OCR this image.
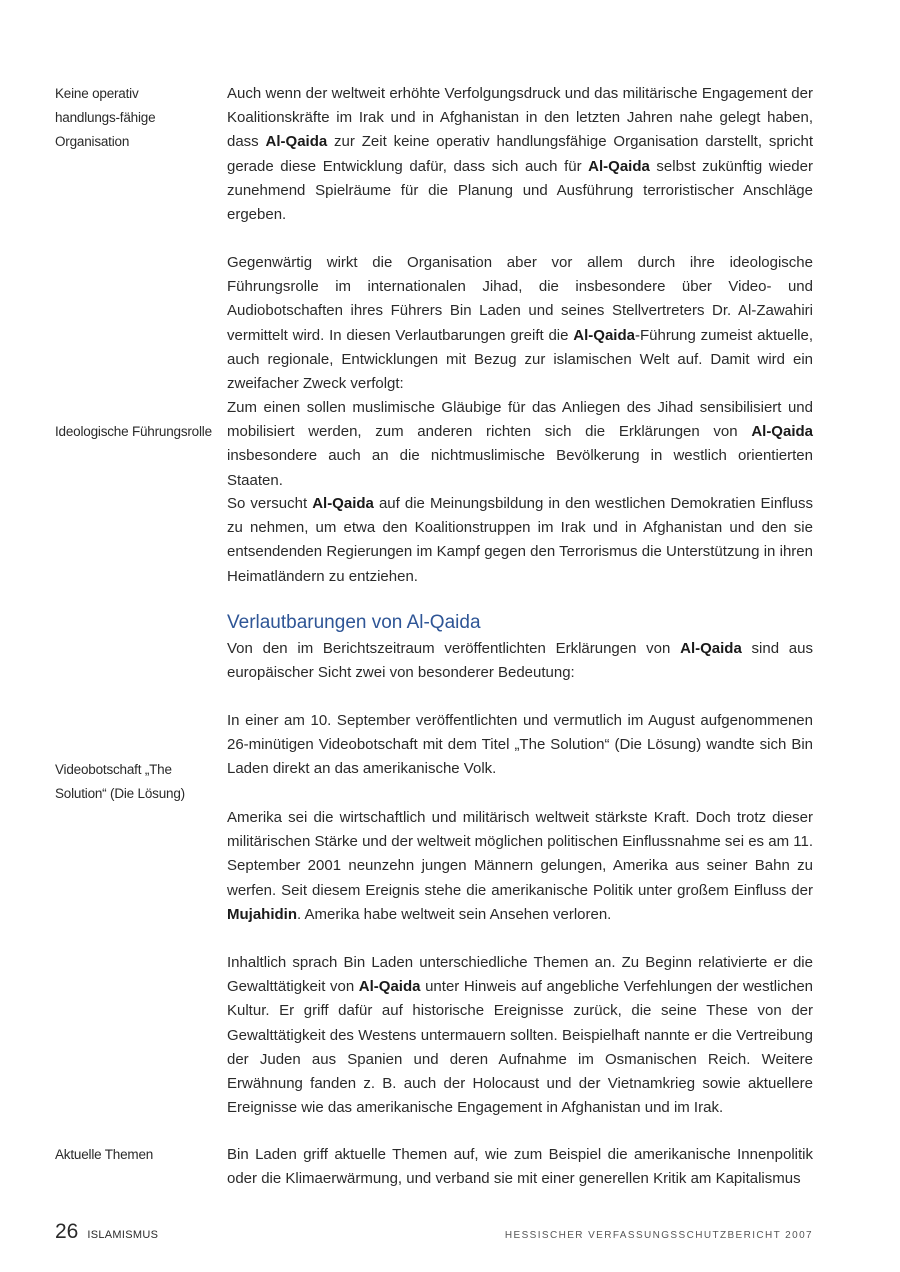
Keine operativ handlungs-fähige Organisation
Ideologische Führungsrolle
Videobotschaft „The Solution“ (Die Lösung)
Aktuelle Themen

Auch wenn der weltweit erhöhte Verfolgungsdruck und das militärische Engagement der Koalitionskräfte im Irak und in Afghanistan in den letzten Jahren nahe gelegt haben, dass Al-Qaida zur Zeit keine operativ handlungsfähige Organisation darstellt, spricht gerade diese Entwicklung dafür, dass sich auch für Al-Qaida selbst zukünftig wieder zunehmend Spielräume für die Planung und Ausführung terroristischer Anschläge ergeben.

Gegenwärtig wirkt die Organisation aber vor allem durch ihre ideologische Führungsrolle im internationalen Jihad, die insbesondere über Video- und Audiobotschaften ihres Führers Bin Laden und seines Stellvertreters Dr. Al-Zawahiri vermittelt wird. In diesen Verlautbarungen greift die Al-Qaida-Führung zumeist aktuelle, auch regionale, Entwicklungen mit Bezug zur islamischen Welt auf. Damit wird ein zweifacher Zweck verfolgt:

Zum einen sollen muslimische Gläubige für das Anliegen des Jihad sensibilisiert und mobilisiert werden, zum anderen richten sich die Erklärungen von Al-Qaida insbesondere auch an die nichtmuslimische Bevölkerung in westlich orientierten Staaten.

So versucht Al-Qaida auf die Meinungsbildung in den westlichen Demokratien Einfluss zu nehmen, um etwa den Koalitionstruppen im Irak und in Afghanistan und den sie entsendenden Regierungen im Kampf gegen den Terrorismus die Unterstützung in ihren Heimatländern zu entziehen.

Verlautbarungen von Al-Qaida

Von den im Berichtszeitraum veröffentlichten Erklärungen von Al-Qaida sind aus europäischer Sicht zwei von besonderer Bedeutung:

In einer am 10. September veröffentlichten und vermutlich im August aufgenommenen 26-minütigen Videobotschaft mit dem Titel „The Solution“ (Die Lösung) wandte sich Bin Laden direkt an das amerikanische Volk.

Amerika sei die wirtschaftlich und militärisch weltweit stärkste Kraft. Doch trotz dieser militärischen Stärke und der weltweit möglichen politischen Einflussnahme sei es am 11. September 2001 neunzehn jungen Männern gelungen, Amerika aus seiner Bahn zu werfen. Seit diesem Ereignis stehe die amerikanische Politik unter großem Einfluss der Mujahidin. Amerika habe weltweit sein Ansehen verloren.

Inhaltlich sprach Bin Laden unterschiedliche Themen an. Zu Beginn relativierte er die Gewalttätigkeit von Al-Qaida unter Hinweis auf angebliche Verfehlungen der westlichen Kultur. Er griff dafür auf historische Ereignisse zurück, die seine These von der Gewalttätigkeit des Westens untermauern sollten. Beispielhaft nannte er die Vertreibung der Juden aus Spanien und deren Aufnahme im Osmanischen Reich. Weitere Erwähnung fanden z. B. auch der Holocaust und der Vietnamkrieg sowie aktuellere Ereignisse wie das amerikanische Engagement in Afghanistan und im Irak.

Bin Laden griff aktuelle Themen auf, wie zum Beispiel die amerikanische Innenpolitik oder die Klimaerwärmung, und verband sie mit einer generellen Kritik am Kapitalismus

26 ISLAMISMUS	HESSISCHER VERFASSUNGSSCHUTZBERICHT 2007
